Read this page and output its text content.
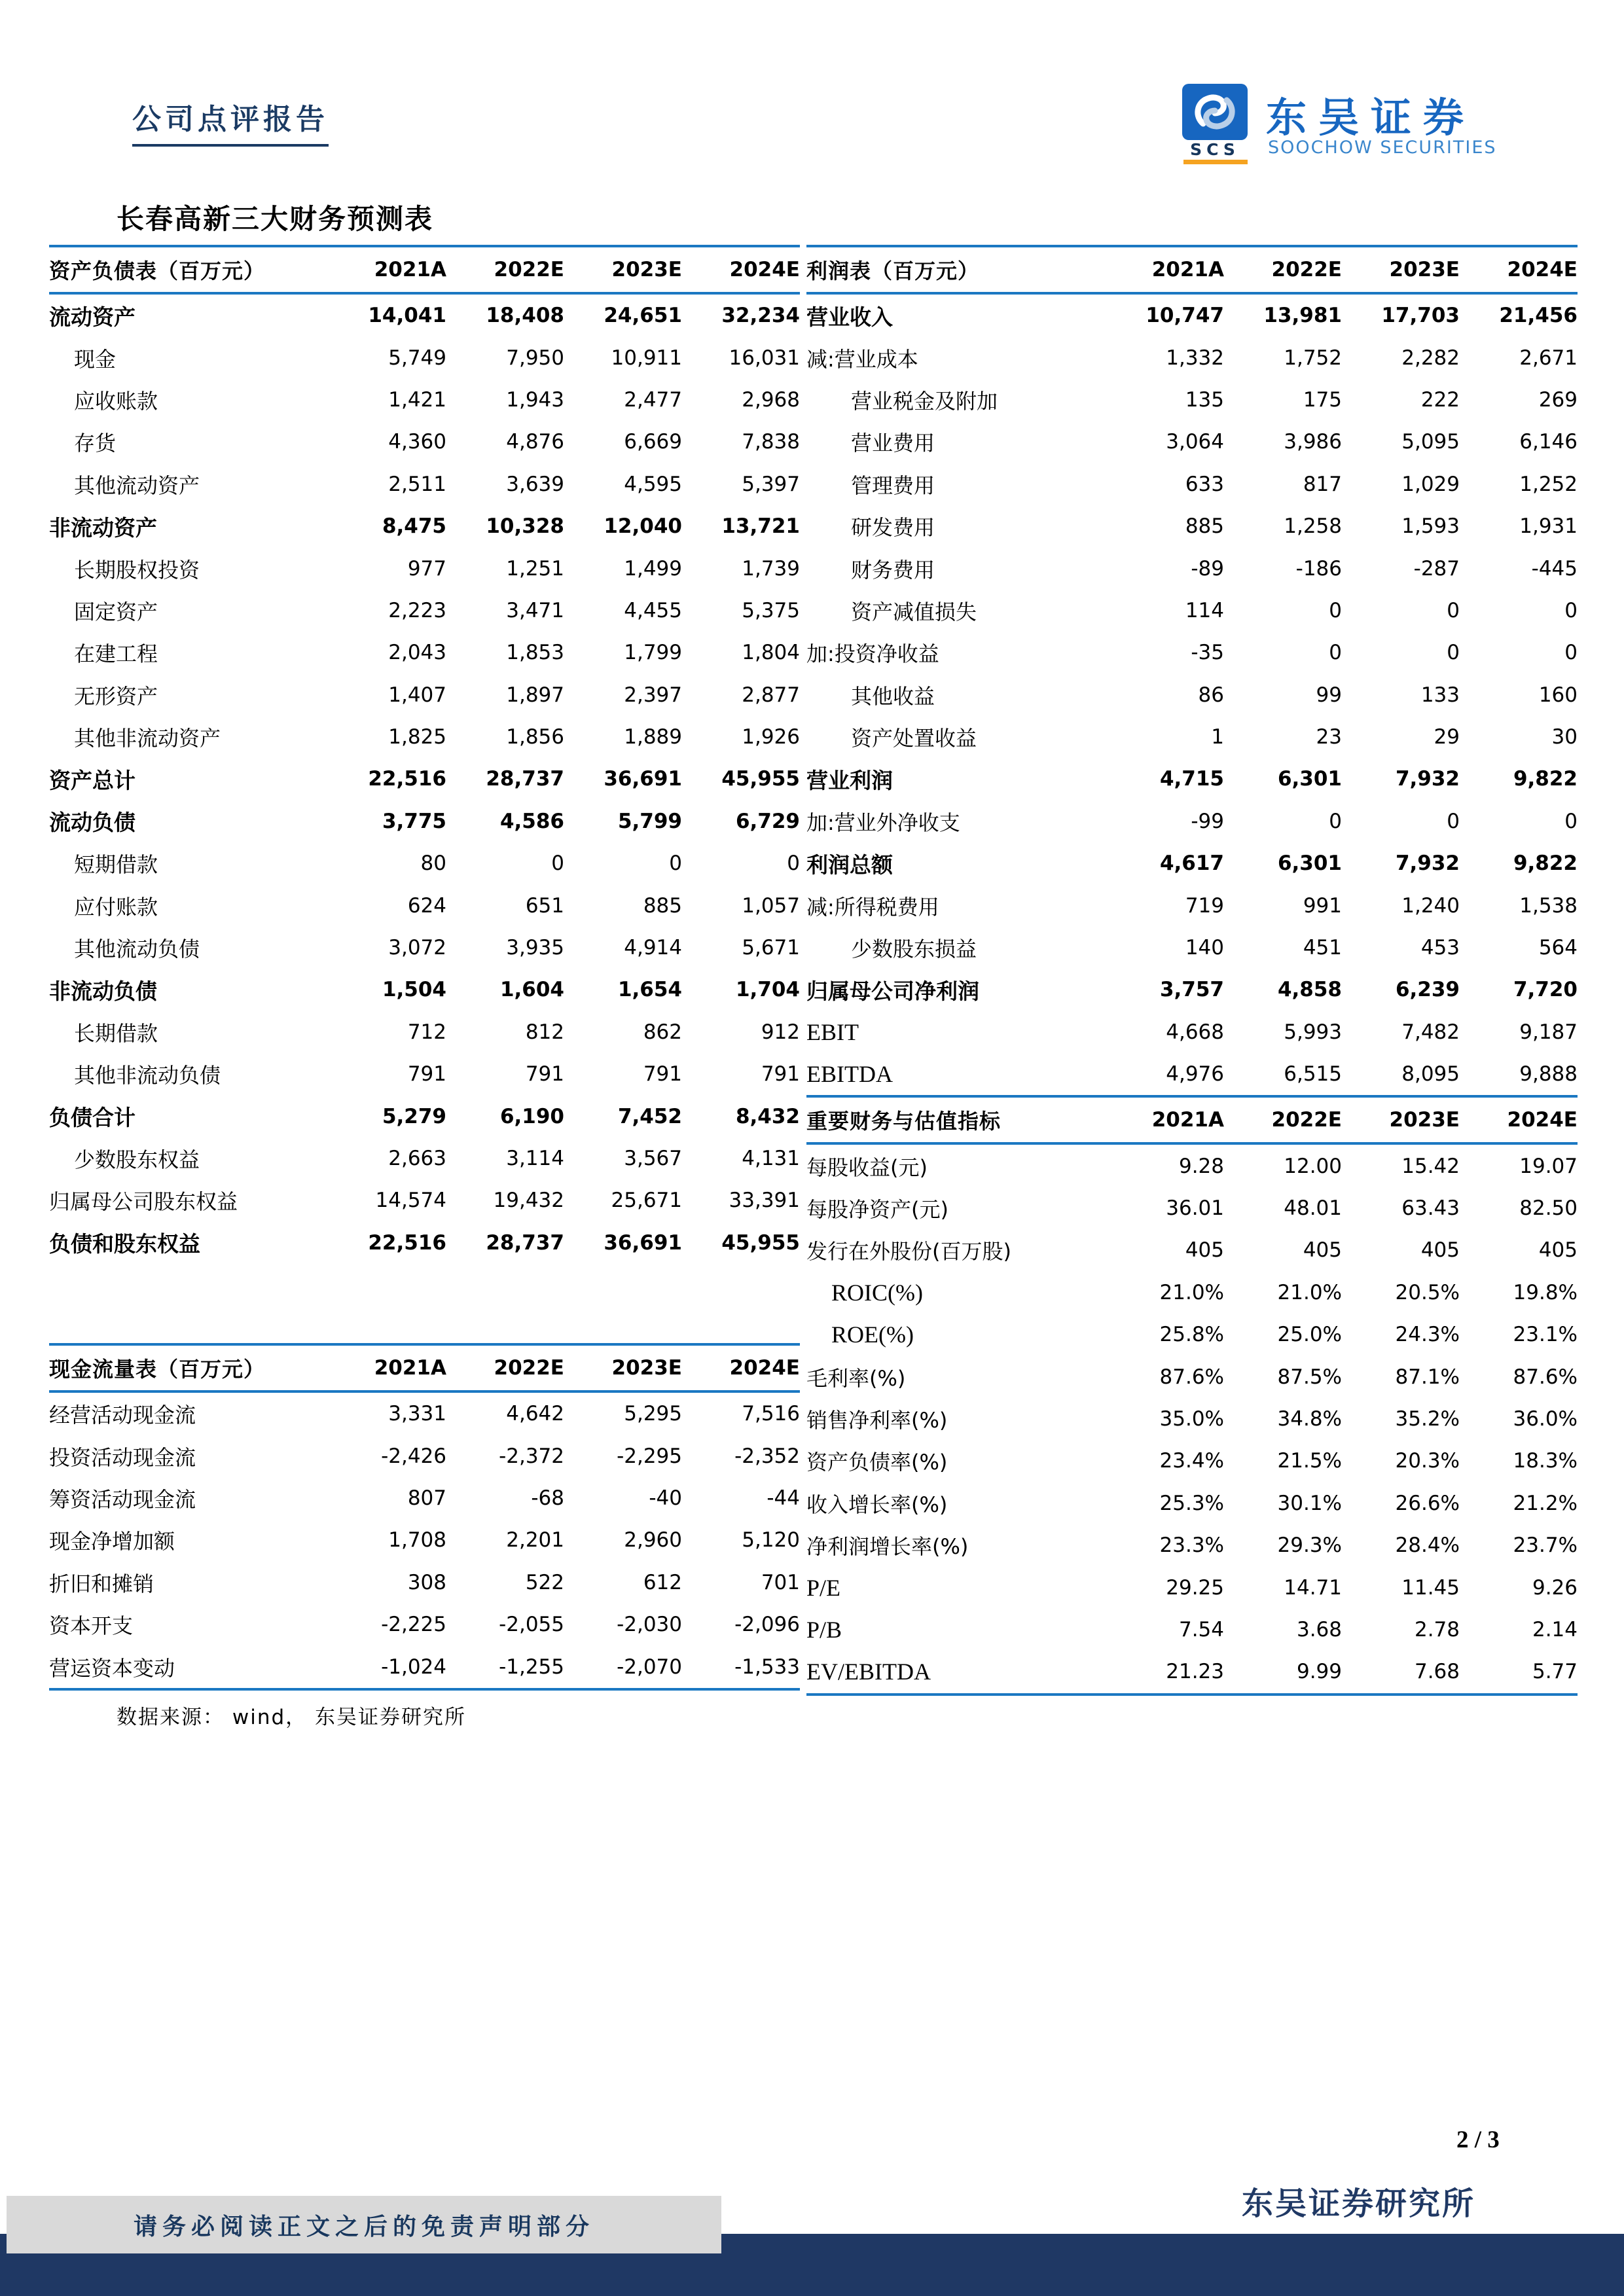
公司点评报告
SCS
东吴证券
SOOCHOW SECURITIES
长春高新三大财务预测表
资产负债表（百万元）	2021A	2022E	2023E	2024E
流动资产	14,041	18,408	24,651	32,234
现金	5,749	7,950	10,911	16,031
应收账款	1,421	1,943	2,477	2,968
存货	4,360	4,876	6,669	7,838
其他流动资产	2,511	3,639	4,595	5,397
非流动资产	8,475	10,328	12,040	13,721
长期股权投资	977	1,251	1,499	1,739
固定资产	2,223	3,471	4,455	5,375
在建工程	2,043	1,853	1,799	1,804
无形资产	1,407	1,897	2,397	2,877
其他非流动资产	1,825	1,856	1,889	1,926
资产总计	22,516	28,737	36,691	45,955
流动负债	3,775	4,586	5,799	6,729
短期借款	80	0	0	0
应付账款	624	651	885	1,057
其他流动负债	3,072	3,935	4,914	5,671
非流动负债	1,504	1,604	1,654	1,704
长期借款	712	812	862	912
其他非流动负债	791	791	791	791
负债合计	5,279	6,190	7,452	8,432
少数股东权益	2,663	3,114	3,567	4,131
归属母公司股东权益	14,574	19,432	25,671	33,391
负债和股东权益	22,516	28,737	36,691	45,955
现金流量表（百万元）	2021A	2022E	2023E	2024E
经营活动现金流	3,331	4,642	5,295	7,516
投资活动现金流	-2,426	-2,372	-2,295	-2,352
筹资活动现金流	807	-68	-40	-44
现金净增加额	1,708	2,201	2,960	5,120
折旧和摊销	308	522	612	701
资本开支	-2,225	-2,055	-2,030	-2,096
营运资本变动	-1,024	-1,255	-2,070	-1,533
利润表（百万元）	2021A	2022E	2023E	2024E
营业收入	10,747	13,981	17,703	21,456
减:营业成本	1,332	1,752	2,282	2,671
营业税金及附加	135	175	222	269
营业费用	3,064	3,986	5,095	6,146
管理费用	633	817	1,029	1,252
研发费用	885	1,258	1,593	1,931
财务费用	-89	-186	-287	-445
资产减值损失	114	0	0	0
加:投资净收益	-35	0	0	0
其他收益	86	99	133	160
资产处置收益	1	23	29	30
营业利润	4,715	6,301	7,932	9,822
加:营业外净收支	-99	0	0	0
利润总额	4,617	6,301	7,932	9,822
减:所得税费用	719	991	1,240	1,538
少数股东损益	140	451	453	564
归属母公司净利润	3,757	4,858	6,239	7,720
EBIT	4,668	5,993	7,482	9,187
EBITDA	4,976	6,515	8,095	9,888
重要财务与估值指标	2021A	2022E	2023E	2024E
每股收益(元)	9.28	12.00	15.42	19.07
每股净资产(元)	36.01	48.01	63.43	82.50
发行在外股份(百万股)	405	405	405	405
ROIC(%)	21.0%	21.0%	20.5%	19.8%
ROE(%)	25.8%	25.0%	24.3%	23.1%
毛利率(%)	87.6%	87.5%	87.1%	87.6%
销售净利率(%)	35.0%	34.8%	35.2%	36.0%
资产负债率(%)	23.4%	21.5%	20.3%	18.3%
收入增长率(%)	25.3%	30.1%	26.6%	21.2%
净利润增长率(%)	23.3%	29.3%	28.4%	23.7%
P/E	29.25	14.71	11.45	9.26
P/B	7.54	3.68	2.78	2.14
EV/EBITDA	21.23	9.99	7.68	5.77
数据来源： wind， 东吴证券研究所
请务必阅读正文之后的免责声明部分
2 / 3
东吴证券研究所
